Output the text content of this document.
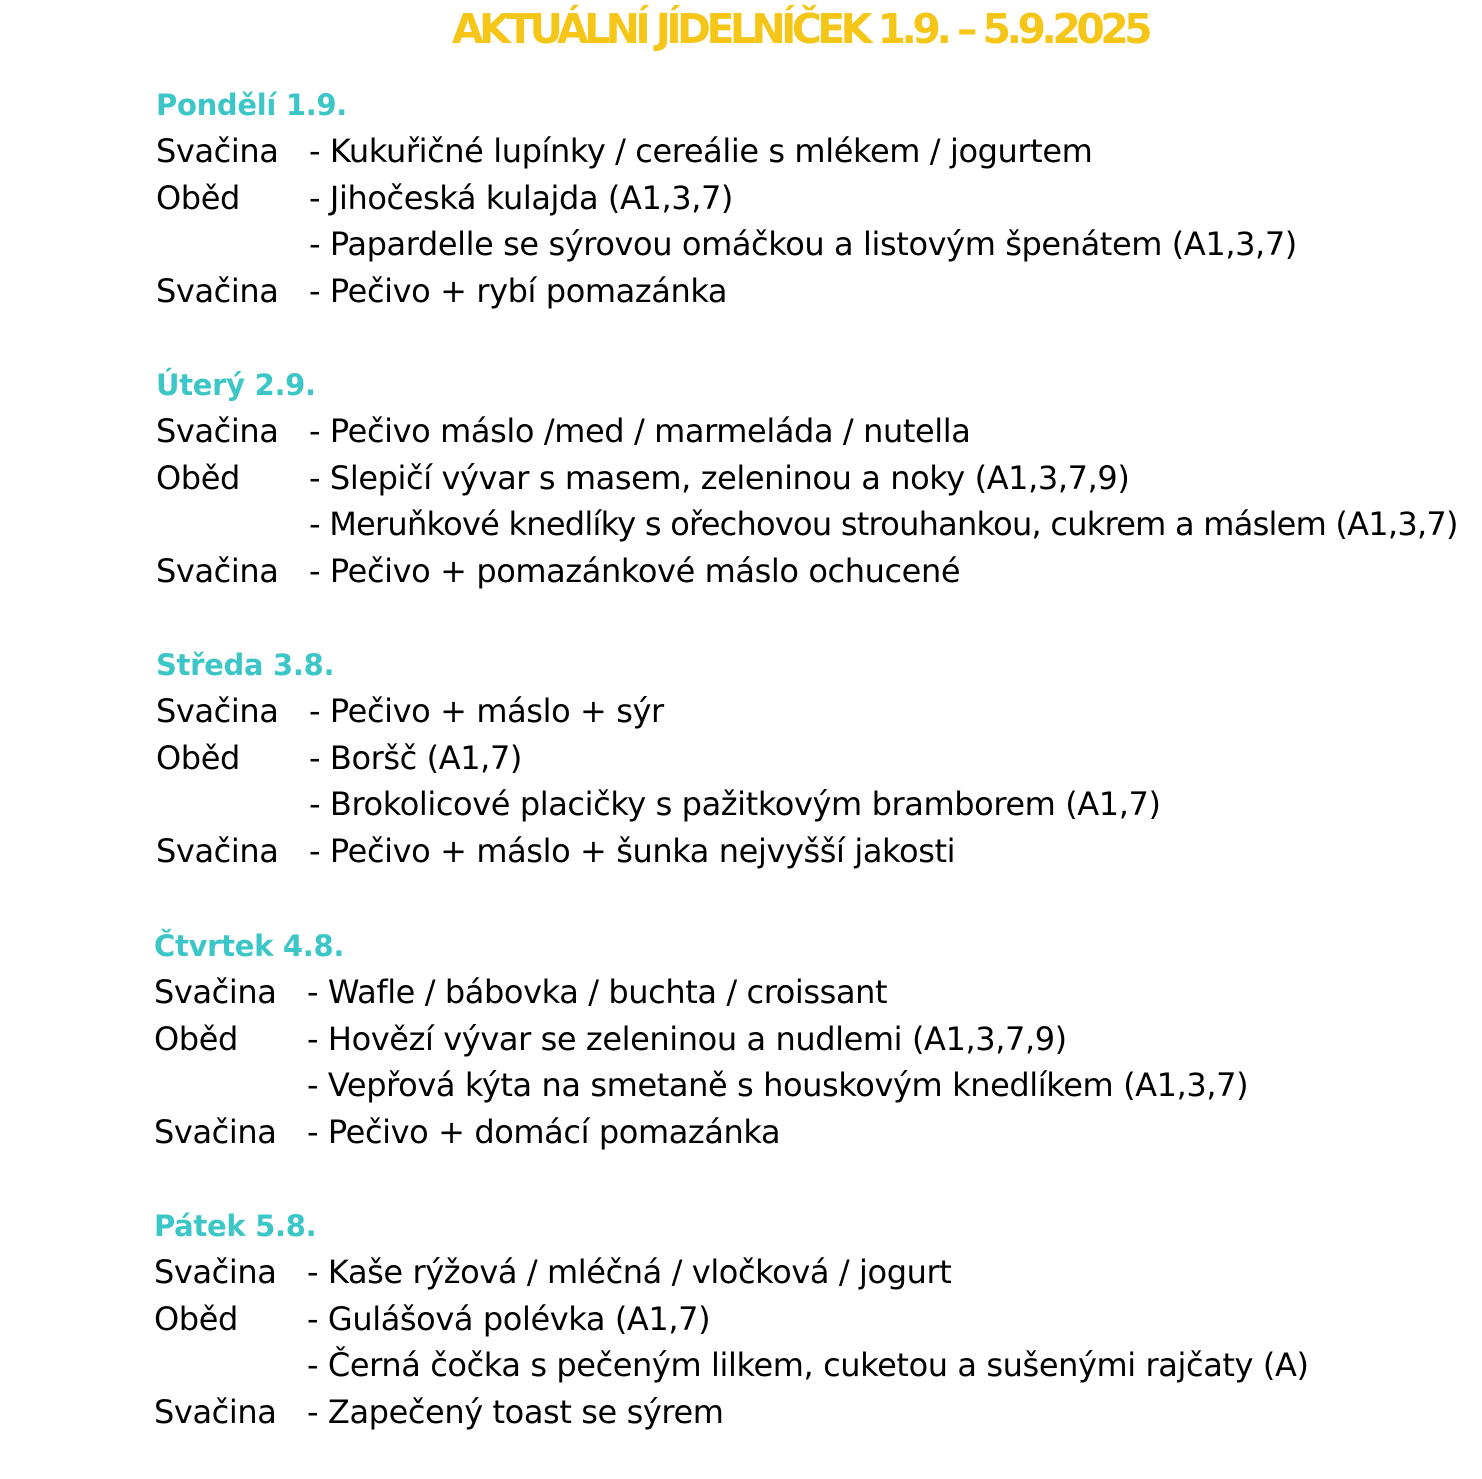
AKTUÁLNÍ JÍDELNÍČEK 1.9. – 5.9.2025
Pondělí 1.9.
Svačina - Kukuřičné lupínky / cereálie s mlékem / jogurtem
Oběd - Jihočeská kulajda (A1,3,7)
- Papardelle se sýrovou omáčkou a listovým špenátem (A1,3,7)
Svačina - Pečivo + rybí pomazánka
Úterý 2.9.
Svačina - Pečivo máslo /med / marmeláda / nutella
Oběd - Slepičí vývar s masem, zeleninou a noky (A1,3,7,9)
- Meruňkové knedlíky s ořechovou strouhankou, cukrem a máslem (A1,3,7)
Svačina - Pečivo + pomazánkové máslo ochucené
Středa 3.8.
Svačina - Pečivo + máslo + sýr
Oběd - Boršč (A1,7)
- Brokolicové placičky s pažitkovým bramborem (A1,7)
Svačina - Pečivo + máslo + šunka nejvyšší jakosti
Čtvrtek 4.8.
Svačina - Wafle / bábovka / buchta / croissant
Oběd - Hovězí vývar se zeleninou a nudlemi (A1,3,7,9)
- Vepřová kýta na smetaně s houskovým knedlíkem (A1,3,7)
Svačina - Pečivo + domácí pomazánka
Pátek 5.8.
Svačina - Kaše rýžová / mléčná / vločková / jogurt
Oběd - Gulášová polévka (A1,7)
- Černá čočka s pečeným lilkem, cuketou a sušenými rajčaty (A)
Svačina - Zapečený toast se sýrem
